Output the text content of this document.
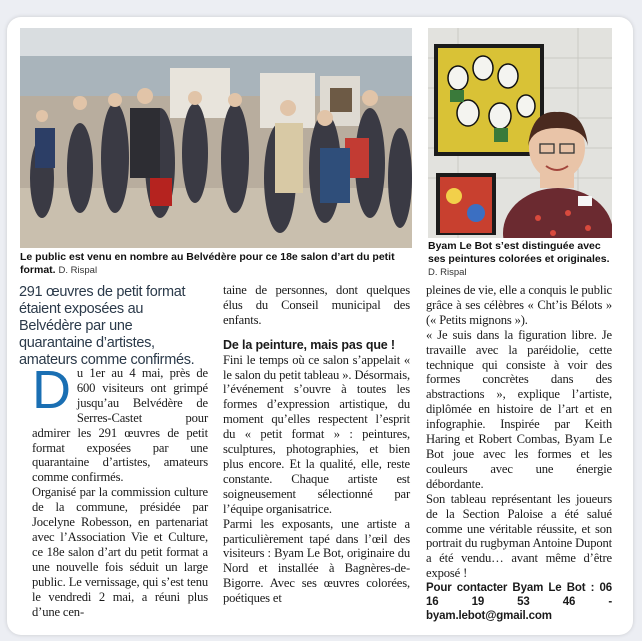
Le public est venu en nombre au Belvédère pour ce 18e salon d’art du petit format. D. Rispal
Byam Le Bot s’est distinguée avec ses peintures colorées et originales. D. Rispal
291 œuvres de petit format étaient exposées au Belvédère par une quarantaine d’artistes, amateurs comme confirmés.

Du 1er au 4 mai, près de 600 visiteurs ont grimpé jusqu’au Belvédère de Serres-Castet pour admirer les 291 œuvres de petit format exposées par une quarantaine d’artistes, amateurs comme confirmés.

Organisé par la commission culture de la commune, présidée par Jocelyne Robesson, en partenariat avec l’Association Vie et Culture, ce 18e salon d’art du petit format a une nouvelle fois séduit un large public. Le vernissage, qui s’est tenu le vendredi 2 mai, a réuni plus d’une cen-

taine de personnes, dont quelques élus du Conseil municipal des enfants.

De la peinture, mais pas que !

Fini le temps où ce salon s’appelait « le salon du petit tableau ». Désormais, l’événement s’ouvre à toutes les formes d’expression artistique, du moment qu’elles respectent l’esprit du « petit format » : peintures, sculptures, photographies, et bien plus encore. Et la qualité, elle, reste constante. Chaque artiste est soigneusement sélectionné par l’équipe organisatrice.

Parmi les exposants, une artiste a particulièrement tapé dans l’œil des visiteurs : Byam Le Bot, originaire du Nord et installée à Bagnères-de-Bigorre. Avec ses œuvres colorées, poétiques et

pleines de vie, elle a conquis le public grâce à ses célèbres « Cht’is Bélots » (« Petits mignons »).

« Je suis dans la figuration libre. Je travaille avec la paréidolie, cette technique qui consiste à voir des formes concrètes dans des abstractions », explique l’artiste, diplômée en histoire de l’art et en infographie. Inspirée par Keith Haring et Robert Combas, Byam Le Bot joue avec les formes et les couleurs avec une énergie débordante.

Son tableau représentant les joueurs de la Section Paloise a été salué comme une véritable réussite, et son portrait du rugbyman Antoine Dupont a été vendu… avant même d’être exposé !

Pour contacter Byam Le Bot : 06 16 19 53 46 - byam.lebot@gmail.com
